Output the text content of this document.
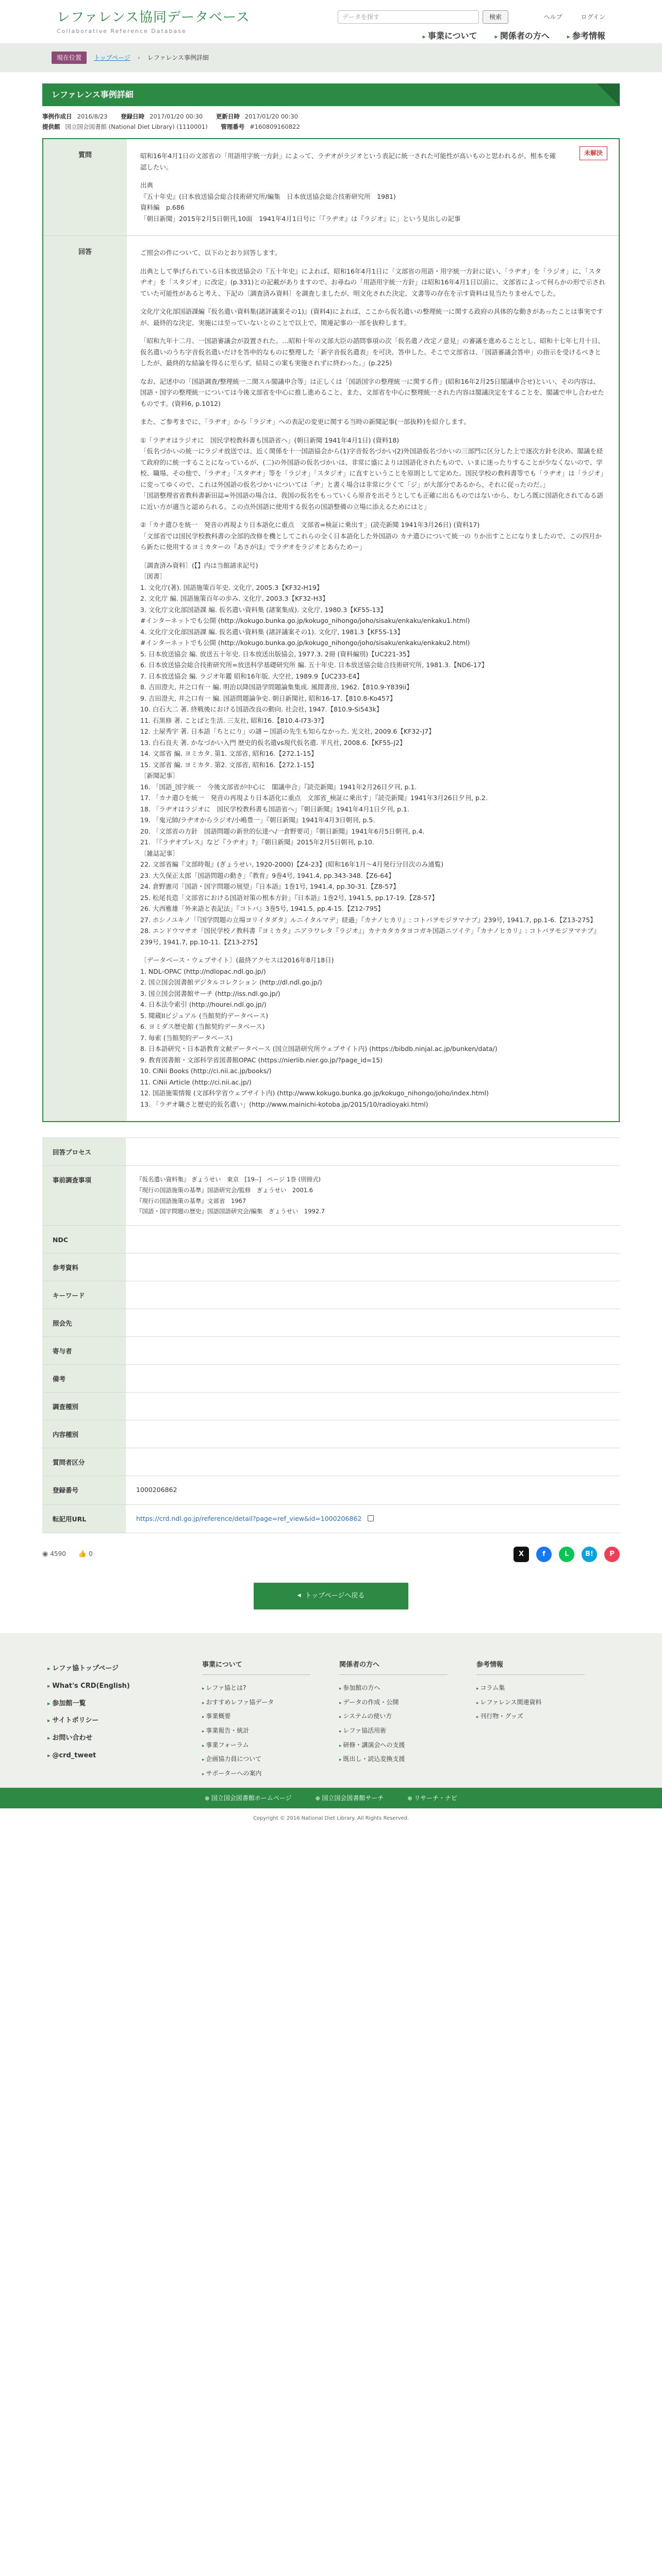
レファレンス協同データベース
Collaborative Reference Database
データを探す	検索	ヘルプ	ログイン
▸ 事業について	▸ 関係者の方へ	▸ 参考情報
現在位置	トップページ › レファレンス事例詳細
レファレンス事例詳細
事例作成日 2016/8/23 登録日時 2017/01/20 00:30 更新日時 2017/01/20 00:30
提供館 国立国会図書館 (National Diet Library) (1110001) 管理番号 #160809160822
質問	未解決

昭和16年4月1日の文部省の「用語用字統一方針」によって、ラヂオがラジオという表記に統一された可能性が高いものと思われるが、根本を確認したい。

出典
『五十年史』(日本放送協会総合技術研究所/編集　日本放送協会総合技術研究所　1981)
資料編　p.686
「朝日新聞」2015年2月5日朝刊,10面　1941年4月1日号に「『ラヂオ』は『ラジオ』に」という見出しの記事

回答	ご照会の件について、以下のとおり回答します。

出典として挙げられている日本放送協会の『五十年史』によれば、昭和16年4月1日に「文部省の用語・用字統一方針に従い、「ラヂオ」を「ラジオ」に、「スタヂオ」を「スタジオ」に改定」(p.331)との記載がありますので、お尋ねの「用語用字統一方針」は昭和16年4月1日以前に、文部省によって何らかの形で示されていた可能性があると考え、下記の〔調査済み資料〕を調査しましたが、明文化された決定、文書等の存在を示す資料は見当たりませんでした。

文化庁文化部国語課編『仮名遣い資料集(諸評議案その1)』(資料4)によれば、ここから仮名遣いの整理統一に関する政府の具体的な動きがあったことは事実ですが、最終的な決定、実施には至っていないとのことで以上で、関連記事の一部を抜粋します。

「昭和九年十二月、一国語審議会が設置された。…昭和十年の文部大臣の諮問事項の次「仮名遣ノ改定ノ意見」の審議を進めることとし、昭和十七年七月十日、仮名遣いのうち字音仮名遣いだけを答申的なものに整理した「新字音仮名遣表」を可決、答申した。そこで文部省は、「国語審議会答申」の指示を受けるべきとしたが、最終的な結論を得るに至らず、結局この案も実施されずに終わった。」(p.225)

なお、記述中の「国語調査/整理統一二関スル閣議申合等」は正しくは「国語国字の整理統一に関する件」(昭和16年2月25日閣議申合せ)といい、その内容は、国語・国字の整理統一については今後文部省を中心に推し進めること、また、文部省を中心に整理統一された内容は閣議決定をすることを、閣議で申し合わせたものです。(資料6, p.1012)

また、ご参考までに、「ラヂオ」から「ラジオ」への表記の変更に関する当時の新聞記事(一部抜粋)を紹介します。

①「ラヂオはラジオに　国民学校教科書も国語省へ」(朝日新聞 1941年4月1日) (資料18)
「仮名づかいの統一にラジオ放送では、近く関係を十一国語協会から(1)字音仮名づかい(2)外国語仮名づかいの三部門に区分した上で逐次方針を決め、閣議を経て政府的に統一することになっているが、(二)の外国語の仮名づかいは、非常に盛によりは国語化されたもので、いまに迷ったりすることが少なくないので、学校、職場、その他で、「ラヂオ」「スタヂオ」等を「ラジオ」「スタジオ」に直すということを原則として定めた。国民学校の教科書等でも「ラヂオ」は「ラジオ」に変ってゆくので、これは外国語の仮名づかいについては「ヂ」と書く場合は非常に少くて「ジ」が大部分であるから、それに従ったのだ。」
「国語整理省省教科書新田誌=外国語の場合は、我国の仮名をもっていくら原音を出そうとしても正確に出るものではないから、むしろ既に国語化されてゐる語に近い方が適当と認められる。この点外国語に使用する仮名の国語整備の立場に添えるためにはと」

②「カナ遣ひを統一　発音の再現より日本語化に重点　文部省=検証に乗出す」(読売新聞 1941年3月26日) (資料17)
「文部省では国民学校教科書の全部的改修を機としてこれらの全く日本語化した外国語の カナ遣ひについて統一の りか出すことになりましたので、この四月から新たに使用するヨミカターの『あさがほ』でラヂオをラジオとあらためー」

〔調査済み資料〕(【】内は当館請求記号)
〔図書〕
1. 文化庁(著). 国語施策百年史. 文化庁, 2005.3【KF32-H19】
2. 文化庁 編. 国語施策百年の歩み. 文化庁, 2003.3【KF32-H3】
3. 文化庁文化部国語課 編. 仮名遣い資料集 (諸案集成). 文化庁, 1980.3【KF55-13】
#インターネットでも公開 (http://kokugo.bunka.go.jp/kokugo_nihongo/joho/sisaku/enkaku/enkaku1.html)
4. 文化庁文化部国語課 編. 仮名遣い資料集 (諸評議案その1). 文化庁, 1981.3【KF55-13】
#インターネットでも公開 (http://kokugo.bunka.go.jp/kokugo_nihongo/joho/sisaku/enkaku/enkaku2.html)
5. 日本放送協会 編. 放送五十年史. 日本放送出版協会, 1977.3. 2冊 (資料編別)【UC221-35】
6. 日本放送協会総合技術研究所=放送科学基礎研究所 編. 五十年史. 日本放送協会総合技術研究所, 1981.3.【ND6-17】
7. 日本放送協会 編. ラジオ年鑑 昭和16年版. 大空社, 1989.9【UC233-E4】
8. 吉田澄夫, 井之口有一 編. 明治以降国語学問題論集集成. 風間書房, 1962.【810.9-Y839ii】
9. 吉田澄夫, 井之口有一 編. 国語問題論争史. 朝日新聞社, 昭和16-17.【810.8-Ko457】
10. 白石大二 著. 終戦後における国語改良の動向. 社会社, 1947.【810.9-Si543k】
11. 石黒修 著. ことばと生活. 三友社, 昭和16.【810.4-I73-3?】
12. 土屋秀宇 著. 日本語「ちとにり」の謎 ─ 国語の先生も知らなかった. 光文社, 2009.6【KF32-J7】
13. 白石良夫 著. かなづかい入門 歴史的仮名遣vs現代仮名遣. 平凡社, 2008.6.【KF55-J2】
14. 文部省 編. ヨミカタ. 第1. 文部省, 昭和16.【272.1-15】
15. 文部省 編. ヨミカタ. 第2. 文部省, 昭和16.【272.1-15】
〔新聞記事〕
16. 「国語_国字統一　今後文部省が中心に　閣議申合」『読売新聞』1941年2月26日夕刊, p.1.
17. 「カナ遣ひを統一　発音の再現より日本語化に重点　文部省_検証に乗出す」『読売新聞』1941年3月26日夕刊, p.2.
18. 「ラヂオはラジオに　国民学校教科書も国語省へ」『朝日新聞』1941年4月1日夕刊, p.1.
19. 「鬼元帥/ラヂオからラジオ/小嶋豊一」『朝日新聞』1941年4月3日朝刊, p.5.
20. 「文部省の方針　国語問題の新世的伝達へ/一倉野要司」『朝日新聞』1941年6月5日朝刊, p.4.
21. 「『ラヂオプレス』など『ラヂオ』?」『朝日新聞』2015年2月5日朝刊, p.10.
〔雑誌記事〕
22. 文部省編『文部時報』(ぎょうせい, 1920-2000)【Z4-23】(昭和16年1月〜4月発行分目次のみ通覧)
23. 大久保正太郎「国語問題の動き」『教育』9巻4号, 1941.4, pp.343-348.【Z6-64】
24. 倉野憲司「国語・国字問題の展望」『日本語』1巻1号, 1941.4, pp.30-31.【Z8-57】
25. 松尾長造「文部省における国語対策の根本方針」『日本語』1巻2号, 1941.5, pp.17-19.【Z8-57】
26. 大西雅雄「外来語と表記法」『コトバ』3巻5号, 1941.5, pp.4-15.【Z12-795】
27. ホシノユキノ「『国学問題の立場ヨリイタダタ』ルニイタルマデ」経過」『カナノヒカリ』: コトバヲモジヲマナブ』239号, 1941.7, pp.1-6.【Z13-275】
28. エンドウマサオ「国民学校ノ教科書『ヨミカタ』ニアラワレタ『ラジオ』」カナカタカタヨコガキ国語ニツイテ」『カナノヒカリ』: コトバヲモジヲマナブ』239号, 1941.7, pp.10-11.【Z13-275】

〔データベース・ウェブサイト〕(最終アクセスは2016年8月18日)
1. NDL-OPAC (http://ndlopac.ndl.go.jp/)
2. 国立国会図書館デジタルコレクション (http://dl.ndl.go.jp/)
3. 国立国会図書館サーチ (http://iss.ndl.go.jp/)
4. 日本法令索引 (http://hourei.ndl.go.jp/)
5. 聞蔵IIビジュアル (当館契約データベース)
6. ヨミダス歴史館 (当館契約データベース)
7. 毎索 (当館契約データベース)
8. 日本語研究・日本語教育文献データベース (国立国語研究所ウェブサイト内) (https://bibdb.ninjal.ac.jp/bunken/data/)
9. 教育図書館・文部科学省図書館OPAC (https://nierlib.nier.go.jp/?page_id=15)
10. CiNii Books (http://ci.nii.ac.jp/books/)
11. CiNii Article (http://ci.nii.ac.jp/)
12. 国語施策情報 (文部科学省ウェブサイト内) (http://www.kokugo.bunka.go.jp/kokugo_nihongo/joho/index.html)
13. 「ラヂオ職さと歴史的仮名遣い」(http://www.mainichi-kotoba.jp/2015/10/radioyaki.html)

回答プロセス
事前調査事項	『仮名遣い資料集』 ぎょうせい　東京　[19--]　ページ 1巻 (別冊式)
『現行の国語施策の基準』国語研究会/監修　ぎょうせい　2001.6
『現行の国語施策の基準』文部省　1967
『国語・国字問題の歴史』国語国語研究会/編集　ぎょうせい　1992.7
NDC
参考資料
キーワード
照会先
寄与者
備考
調査種別
内容種別
質問者区分
登録番号	1000206862
転記用URL	https://crd.ndl.go.jp/reference/detail?page=ref_view&id=1000206862
◉ 4590 👍 0	X	f	L	B!	P
◀ トップページへ戻る
▸ レファ協トップページ
▸ What's CRD(English)
▸ 参加館一覧
▸ サイトポリシー
▸ お問い合わせ
▸ @crd_tweet
事業について
▸ レファ協とは?
▸ おすすめレファ協データ
▸ 事業概要
▸ 事業報告・統計
▸ 事業フォーラム
▸ 企画協力員について
▸ サポーターへの案内
関係者の方へ
▸ 参加館の方へ
▸ データの作成・公開
▸ システムの使い方
▸ レファ協活用術
▸ 研修・講演会への支援
▸ 既出し・読込変換支援
参考情報
▸ コラム集
▸ レファレンス関連資料
▸ 刊行物・グッズ
⊕ 国立国会図書館ホームページ	⊕ 国立国会図書館サーチ	⊕ リサーチ・ナビ
Copyright © 2016 National Diet Library. All Rights Reserved.
